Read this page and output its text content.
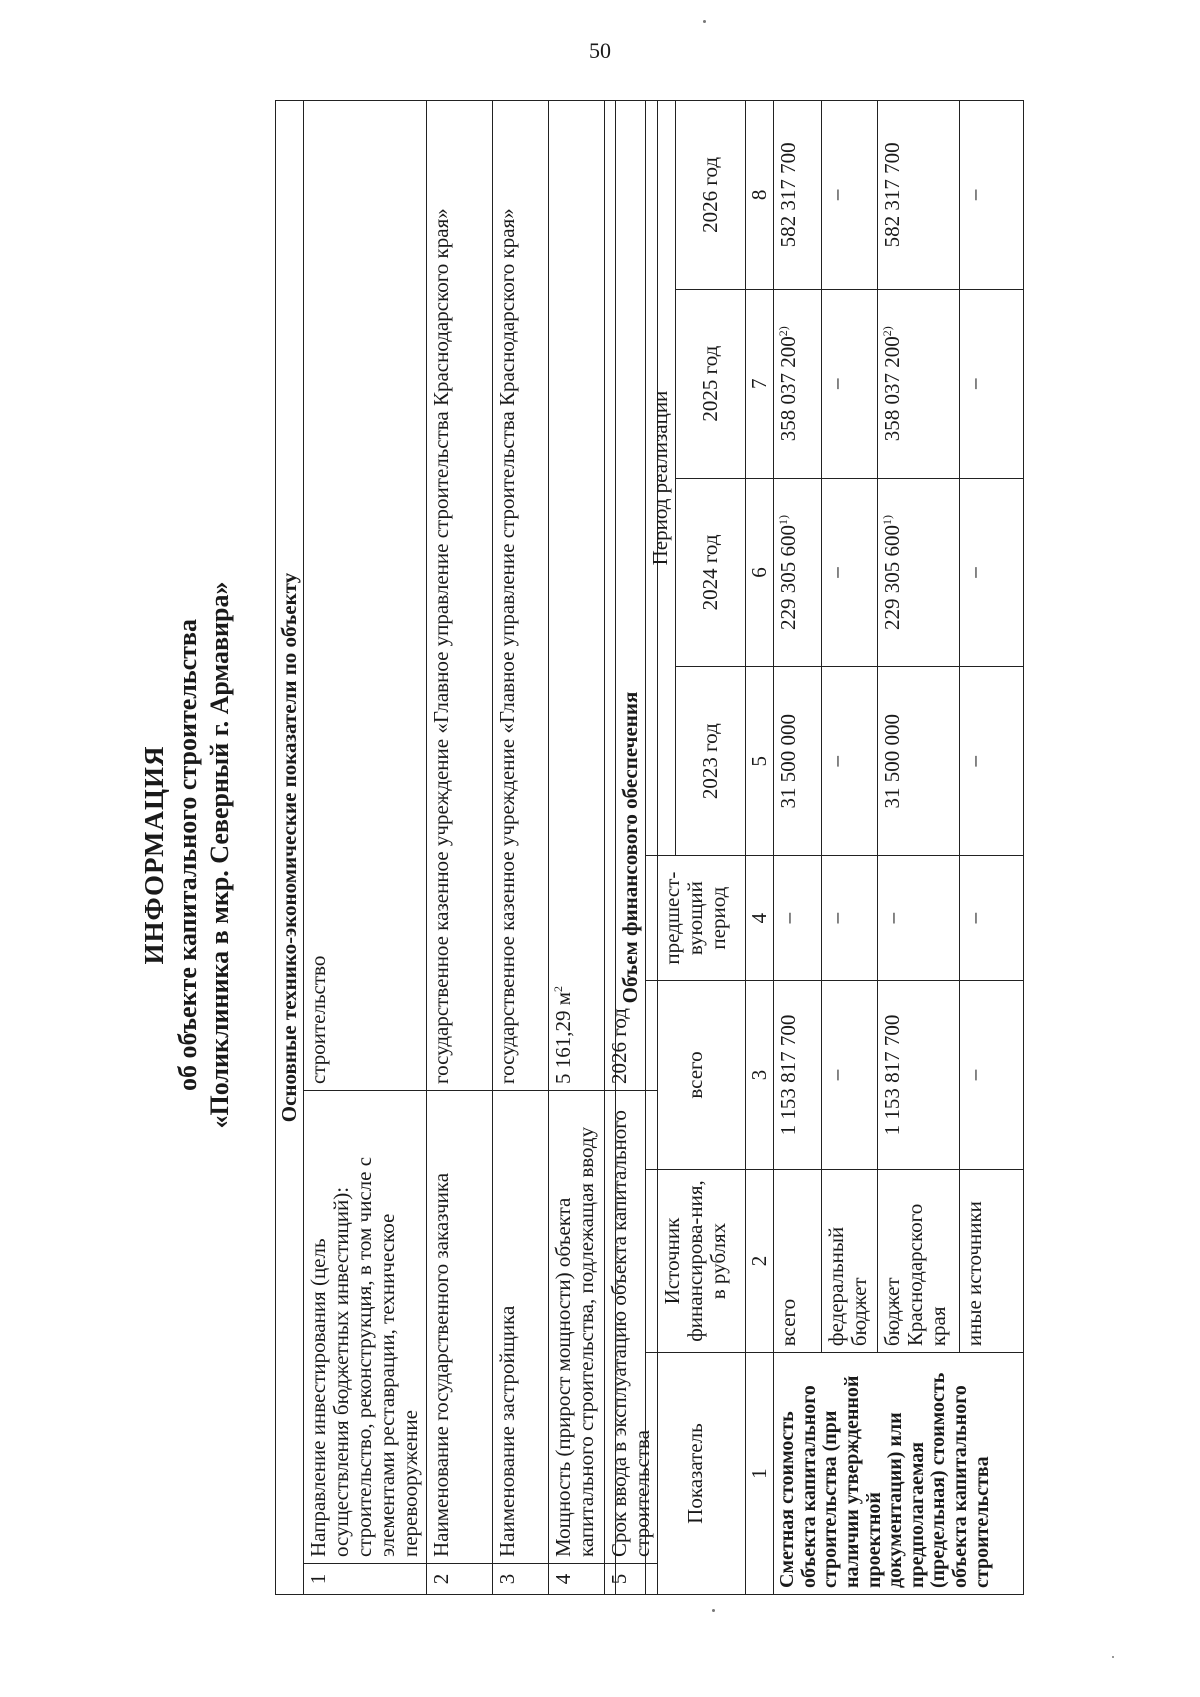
50
ИНФОРМАЦИЯ об объекте капитального строительства «Поликлиника в мкр. Северный г. Армавира» Основные технико-экономические показатели по объекту		
1	Направление инвестирования (цель осуществления бюджетных инвестиций): строительство, реконструкция, в том числе с элементами реставрации, техническое перевооружение	строительство
2	Наименование государственного заказчика	государственное казенное учреждение «Главное управление строительства Краснодарского края»
3	Наименование застройщика	государственное казенное учреждение «Главное управление строительства Краснодарского края»
4	Мощность (прирост мощности) объекта капитального строительства, подлежащая вводу	5 161,29 $м^2$
5	Срок ввода в эксплуатацию объекта капитального строительства	2026 год
Объем финансового обеспечения							
Показатель	Источник финансирова-ния, в рублях	всего	предшест-вующий период	Период реализации			
				2023 год	2024 год	2025 год	2026 год
1	2	3	4	5	6	7	8
Сметная стоимость объекта капитального строительства (при наличии утвержденной проектной документации) или предполагаемая (предельная) стоимость объекта капитального строительства	всего	1 153 817 700	–	31 500 000	229 305 600$^{1)}$	358 037 200$^{2)}$	582 317 700
	федеральный бюджет	–	–	–	–	–	–
	бюджет Краснодарского края	1 153 817 700	–	31 500 000	229 305 600$^{1)}$	358 037 200$^{2)}$	582 317 700
	иные источники	–	–	–	–	–	–
